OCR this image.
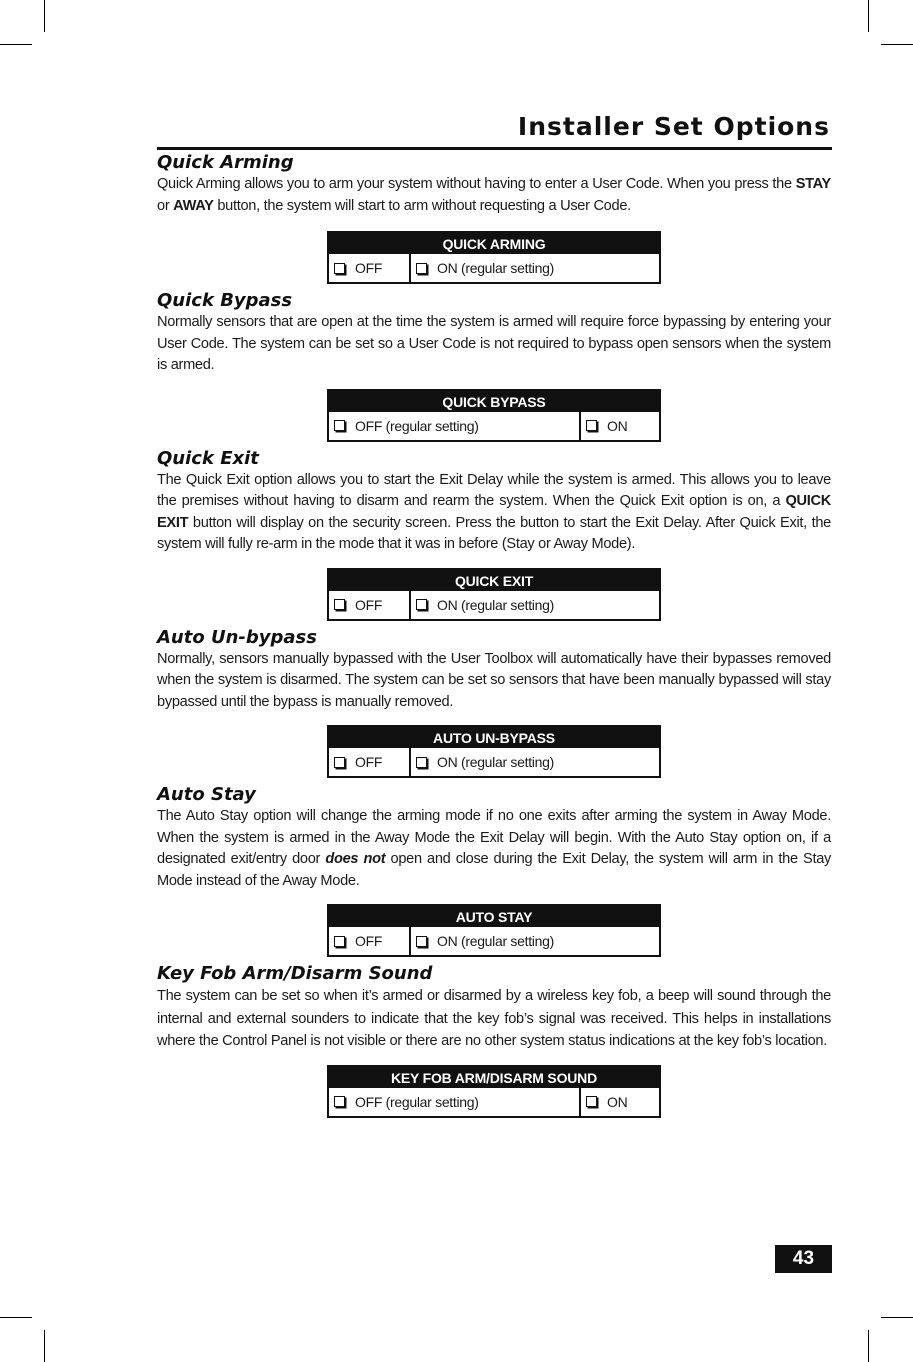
Installer Set Options
Quick Arming

Quick Arming allows you to arm your system without having to enter a User Code. When you press the STAY or AWAY button, the system will start to arm without requesting a User Code.

QUICK ARMING
OFF	ON (regular setting)
Quick Bypass

Normally sensors that are open at the time the system is armed will require force bypassing by entering your User Code. The system can be set so a User Code is not required to bypass open sensors when the system is armed.

QUICK BYPASS
OFF (regular setting)	ON
Quick Exit

The Quick Exit option allows you to start the Exit Delay while the system is armed. This allows you to leave the premises without having to disarm and rearm the system. When the Quick Exit option is on, a QUICK EXIT button will display on the security screen. Press the button to start the Exit Delay. After Quick Exit, the system will fully re-arm in the mode that it was in before (Stay or Away Mode).

QUICK EXIT
OFF	ON (regular setting)
Auto Un-bypass

Normally, sensors manually bypassed with the User Toolbox will automatically have their bypasses removed when the system is disarmed. The system can be set so sensors that have been manually bypassed will stay bypassed until the bypass is manually removed.

AUTO UN-BYPASS
OFF	ON (regular setting)
Auto Stay

The Auto Stay option will change the arming mode if no one exits after arming the system in Away Mode. When the system is armed in the Away Mode the Exit Delay will begin. With the Auto Stay option on, if a designated exit/entry door does not open and close during the Exit Delay, the system will arm in the Stay Mode instead of the Away Mode.

AUTO STAY
OFF	ON (regular setting)
Key Fob Arm/Disarm Sound

The system can be set so when it’s armed or disarmed by a wireless key fob, a beep will sound through the internal and external sounders to indicate that the key fob’s signal was received. This helps in installations where the Control Panel is not visible or there are no other system status indications at the key fob’s location.

KEY FOB ARM/DISARM SOUND
OFF (regular setting)	ON
43
